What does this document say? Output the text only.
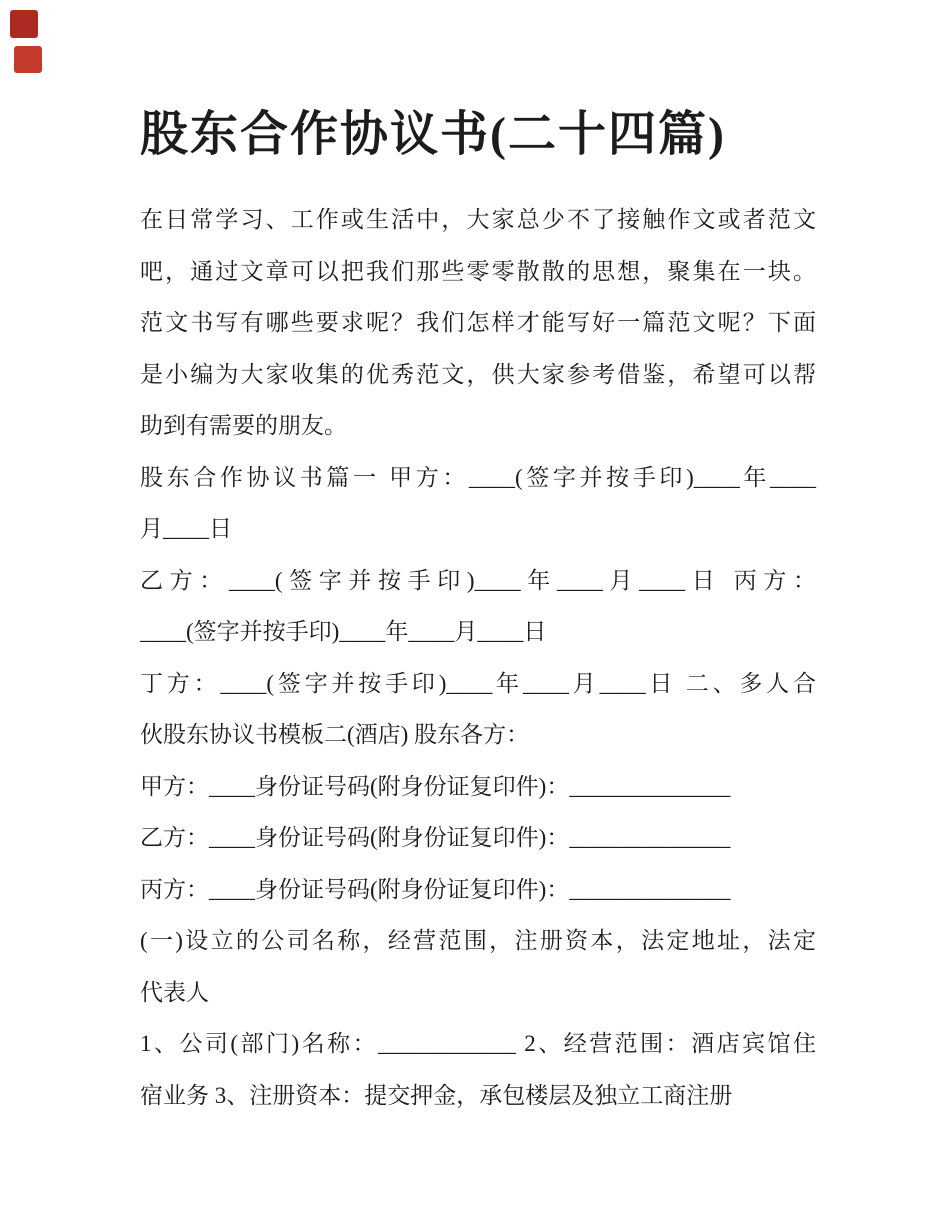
股东合作协议书(二十四篇)
在日常学习、工作或生活中，大家总少不了接触作文或者范文
吧，通过文章可以把我们那些零零散散的思想，聚集在一块。
范文书写有哪些要求呢？我们怎样才能写好一篇范文呢？下面
是小编为大家收集的优秀范文，供大家参考借鉴，希望可以帮
助到有需要的朋友。
股东合作协议书篇一 甲方：____(签字并按手印)____年____
月____日
乙方：____(签字并按手印)____年____月____日 丙方：
____(签字并按手印)____年____月____日
丁方：____(签字并按手印)____年____月____日 二、多人合
伙股东协议书模板二(酒店) 股东各方：
甲方：____身份证号码(附身份证复印件)：______________
乙方：____身份证号码(附身份证复印件)：______________
丙方：____身份证号码(附身份证复印件)：______________
(一)设立的公司名称，经营范围，注册资本，法定地址，法定
代表人
1、公司(部门)名称：____________ 2、经营范围：酒店宾馆住
宿业务 3、注册资本：提交押金，承包楼层及独立工商注册
